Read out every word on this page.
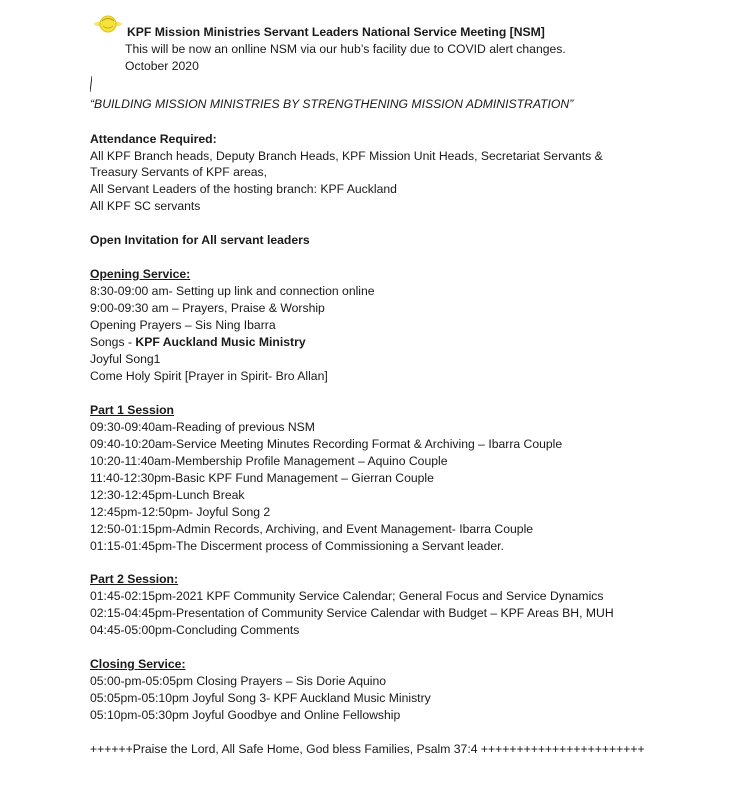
KPF Mission Ministries Servant Leaders National Service Meeting [NSM]
This will be now an onlline NSM via our hub’s facility due to COVID alert changes.
October 2020
“BUILDING MISSION MINISTRIES BY STRENGTHENING MISSION ADMINISTRATION”
Attendance Required:
All KPF Branch heads, Deputy Branch Heads, KPF Mission Unit Heads, Secretariat Servants &
Treasury Servants of KPF areas,
All Servant Leaders of the hosting branch: KPF Auckland
All KPF SC servants
Open Invitation for All servant leaders
Opening Service:
8:30-09:00 am- Setting up link and connection online
9:00-09:30 am – Prayers, Praise & Worship
Opening Prayers – Sis Ning Ibarra
Songs - KPF Auckland Music Ministry
Joyful Song1
Come Holy Spirit [Prayer in Spirit- Bro Allan]
Part 1 Session
09:30-09:40am-Reading of previous NSM
09:40-10:20am-Service Meeting Minutes Recording Format & Archiving – Ibarra Couple
10:20-11:40am-Membership Profile Management – Aquino Couple
11:40-12:30pm-Basic KPF Fund Management – Gierran Couple
12:30-12:45pm-Lunch Break
12:45pm-12:50pm- Joyful Song 2
12:50-01:15pm-Admin Records, Archiving, and Event Management- Ibarra Couple
01:15-01:45pm-The Discerment process of Commissioning a Servant leader.
Part 2 Session:
01:45-02:15pm-2021 KPF Community Service Calendar; General Focus and Service Dynamics
02:15-04:45pm-Presentation of Community Service Calendar with Budget – KPF Areas BH, MUH
04:45-05:00pm-Concluding Comments
Closing Service:
05:00-pm-05:05pm Closing Prayers – Sis Dorie Aquino
05:05pm-05:10pm Joyful Song 3- KPF Auckland Music Ministry
05:10pm-05:30pm Joyful Goodbye and Online Fellowship
++++++Praise the Lord, All Safe Home, God bless Families, Psalm 37:4 +++++++++++++++++++++++
